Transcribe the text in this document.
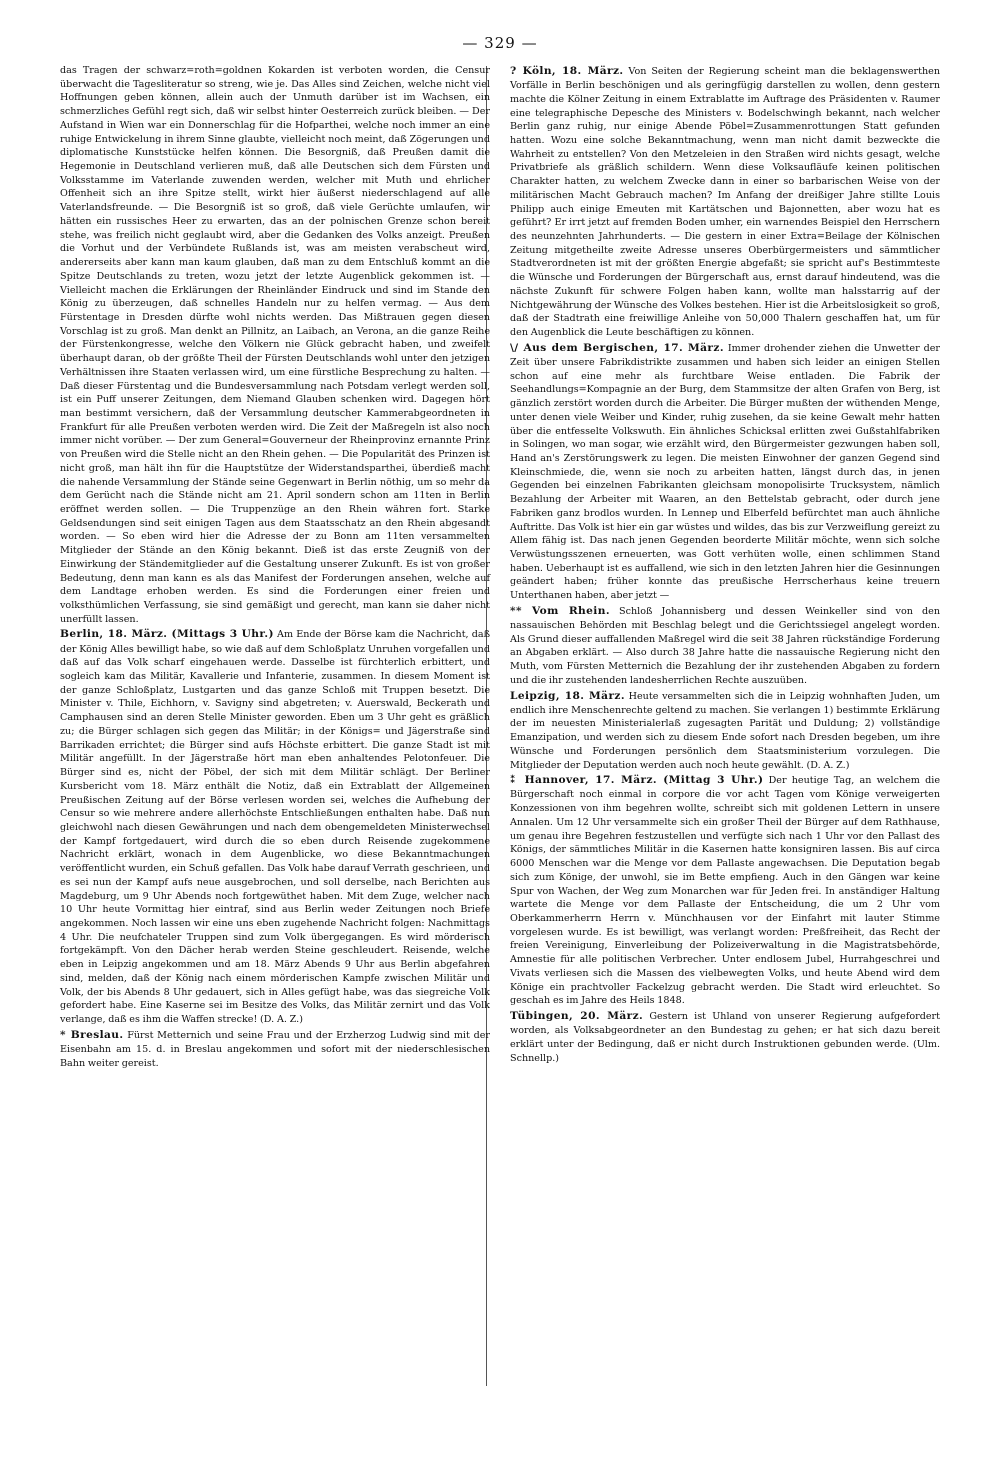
— 329 —

das Tragen der schwarz=roth=goldnen Kokarden ist verboten worden, die Censur überwacht die Tagesliteratur so streng, wie je. Das Alles sind Zeichen, welche nicht viel Hoffnungen geben können, allein auch der Unmuth darüber ist im Wachsen, ein schmerzliches Gefühl regt sich, daß wir selbst hinter Oesterreich zurück bleiben. — Der Aufstand in Wien war ein Donnerschlag für die Hofparthei, welche noch immer an eine ruhige Entwickelung in ihrem Sinne glaubte, vielleicht noch meint, daß Zögerungen und diplomatische Kunststücke helfen können. Die Besorgniß, daß Preußen damit die Hegemonie in Deutschland verlieren muß, daß alle Deutschen sich dem Fürsten und Volksstamme im Vaterlande zuwenden werden, welcher mit Muth und ehrlicher Offenheit sich an ihre Spitze stellt, wirkt hier äußerst niederschlagend auf alle Vaterlandsfreunde. — Die Besorgniß ist so groß, daß viele Gerüchte umlaufen, wir hätten ein russisches Heer zu erwarten, das an der polnischen Grenze schon bereit stehe, was freilich nicht geglaubt wird, aber die Gedanken des Volks anzeigt. Preußen die Vorhut und der Verbündete Rußlands ist, was am meisten verabscheut wird, andererseits aber kann man kaum glauben, daß man zu dem Entschluß kommt an die Spitze Deutschlands zu treten, wozu jetzt der letzte Augenblick gekommen ist. — Vielleicht machen die Erklärungen der Rheinländer Eindruck und sind im Stande den König zu überzeugen, daß schnelles Handeln nur zu helfen vermag. — Aus dem Fürstentage in Dresden dürfte wohl nichts werden. Das Mißtrauen gegen diesen Vorschlag ist zu groß. Man denkt an Pillnitz, an Laibach, an Verona, an die ganze Reihe der Fürstenkongresse, welche den Völkern nie Glück gebracht haben, und zweifelt überhaupt daran, ob der größte Theil der Fürsten Deutschlands wohl unter den jetzigen Verhältnissen ihre Staaten verlassen wird, um eine fürstliche Besprechung zu halten. — Daß dieser Fürstentag und die Bundesversammlung nach Potsdam verlegt werden soll, ist ein Puff unserer Zeitungen, dem Niemand Glauben schenken wird. Dagegen hört man bestimmt versichern, daß der Versammlung deutscher Kammerabgeordneten in Frankfurt für alle Preußen verboten werden wird. Die Zeit der Maßregeln ist also noch immer nicht vorüber. — Der zum General=Gouverneur der Rheinprovinz ernannte Prinz von Preußen wird die Stelle nicht an den Rhein gehen. — Die Popularität des Prinzen ist nicht groß, man hält ihn für die Hauptstütze der Widerstandsparthei, überdieß macht die nahende Versammlung der Stände seine Gegenwart in Berlin nöthig, um so mehr da dem Gerücht nach die Stände nicht am 21. April sondern schon am 11ten in Berlin eröffnet werden sollen. — Die Truppenzüge an den Rhein währen fort. Starke Geldsendungen sind seit einigen Tagen aus dem Staatsschatz an den Rhein abgesandt worden. — So eben wird hier die Adresse der zu Bonn am 11ten versammelten Mitglieder der Stände an den König bekannt. Dieß ist das erste Zeugniß von der Einwirkung der Ständemitglieder auf die Gestaltung unserer Zukunft. Es ist von großer Bedeutung, denn man kann es als das Manifest der Forderungen ansehen, welche auf dem Landtage erhoben werden. Es sind die Forderungen einer freien und volksthümlichen Verfassung, sie sind gemäßigt und gerecht, man kann sie daher nicht unerfüllt lassen.

Berlin, 18. März. (Mittags 3 Uhr.) Am Ende der Börse kam die Nachricht, daß der König Alles bewilligt habe, so wie daß auf dem Schloßplatz Unruhen vorgefallen und daß auf das Volk scharf eingehauen werde. Dasselbe ist fürchterlich erbittert, und sogleich kam das Militär, Kavallerie und Infanterie, zusammen. In diesem Moment ist der ganze Schloßplatz, Lustgarten und das ganze Schloß mit Truppen besetzt. Die Minister v. Thile, Eichhorn, v. Savigny sind abgetreten; v. Auerswald, Beckerath und Camphausen sind an deren Stelle Minister geworden. Eben um 3 Uhr geht es gräßlich zu; die Bürger schlagen sich gegen das Militär; in der Königs= und Jägerstraße sind Barrikaden errichtet; die Bürger sind aufs Höchste erbittert. Die ganze Stadt ist mit Militär angefüllt. In der Jägerstraße hört man eben anhaltendes Pelotonfeuer. Die Bürger sind es, nicht der Pöbel, der sich mit dem Militär schlägt. Der Berliner Kursbericht vom 18. März enthält die Notiz, daß ein Extrablatt der Allgemeinen Preußischen Zeitung auf der Börse verlesen worden sei, welches die Aufhebung der Censur so wie mehrere andere allerhöchste Entschließungen enthalten habe. Daß nun gleichwohl nach diesen Gewährungen und nach dem obengemeldeten Ministerwechsel der Kampf fortgedauert, wird durch die so eben durch Reisende zugekommene Nachricht erklärt, wonach in dem Augenblicke, wo diese Bekanntmachungen veröffentlicht wurden, ein Schuß gefallen. Das Volk habe darauf Verrath geschrieen, und es sei nun der Kampf aufs neue ausgebrochen, und soll derselbe, nach Berichten aus Magdeburg, um 9 Uhr Abends noch fortgewüthet haben. Mit dem Zuge, welcher nach 10 Uhr heute Vormittag hier eintraf, sind aus Berlin weder Zeitungen noch Briefe angekommen. Noch lassen wir eine uns eben zugehende Nachricht folgen: Nachmittags 4 Uhr. Die neufchateler Truppen sind zum Volk übergegangen. Es wird mörderisch fortgekämpft. Von den Dächer herab werden Steine geschleudert. Reisende, welche eben in Leipzig angekommen und am 18. März Abends 9 Uhr aus Berlin abgefahren sind, melden, daß der König nach einem mörderischen Kampfe zwischen Militär und Volk, der bis Abends 8 Uhr gedauert, sich in Alles gefügt habe, was das siegreiche Volk gefordert habe. Eine Kaserne sei im Besitze des Volks, das Militär zernirt und das Volk verlange, daß es ihm die Waffen strecke! (D. A. Z.)

* Breslau. Fürst Metternich und seine Frau und der Erzherzog Ludwig sind mit der Eisenbahn am 15. d. in Breslau angekommen und sofort mit der niederschlesischen Bahn weiter gereist.

? Köln, 18. März. Von Seiten der Regierung scheint man die beklagenswerthen Vorfälle in Berlin beschönigen und als geringfügig darstellen zu wollen, denn gestern machte die Kölner Zeitung in einem Extrablatte im Auftrage des Präsidenten v. Raumer eine telegraphische Depesche des Ministers v. Bodelschwingh bekannt, nach welcher Berlin ganz ruhig, nur einige Abende Pöbel=Zusammenrottungen Statt gefunden hatten. Wozu eine solche Bekanntmachung, wenn man nicht damit bezweckte die Wahrheit zu entstellen? Von den Metzeleien in den Straßen wird nichts gesagt, welche Privatbriefe als gräßlich schildern. Wenn diese Volksaufläufe keinen politischen Charakter hatten, zu welchem Zwecke dann in einer so barbarischen Weise von der militärischen Macht Gebrauch machen? Im Anfang der dreißiger Jahre stillte Louis Philipp auch einige Emeuten mit Kartätschen und Bajonnetten, aber wozu hat es geführt? Er irrt jetzt auf fremden Boden umher, ein warnendes Beispiel den Herrschern des neunzehnten Jahrhunderts. — Die gestern in einer Extra=Beilage der Kölnischen Zeitung mitgetheilte zweite Adresse unseres Oberbürgermeisters und sämmtlicher Stadtverordneten ist mit der größten Energie abgefaßt; sie spricht auf's Bestimmteste die Wünsche und Forderungen der Bürgerschaft aus, ernst darauf hindeutend, was die nächste Zukunft für schwere Folgen haben kann, wollte man halsstarrig auf der Nichtgewährung der Wünsche des Volkes bestehen. Hier ist die Arbeitslosigkeit so groß, daß der Stadtrath eine freiwillige Anleihe von 50,000 Thalern geschaffen hat, um für den Augenblick die Leute beschäftigen zu können.

\/ Aus dem Bergischen, 17. März. Immer drohender ziehen die Unwetter der Zeit über unsere Fabrikdistrikte zusammen und haben sich leider an einigen Stellen schon auf eine mehr als furchtbare Weise entladen. Die Fabrik der Seehandlungs=Kompagnie an der Burg, dem Stammsitze der alten Grafen von Berg, ist gänzlich zerstört worden durch die Arbeiter. Die Bürger mußten der wüthenden Menge, unter denen viele Weiber und Kinder, ruhig zusehen, da sie keine Gewalt mehr hatten über die entfesselte Volkswuth. Ein ähnliches Schicksal erlitten zwei Gußstahlfabriken in Solingen, wo man sogar, wie erzählt wird, den Bürgermeister gezwungen haben soll, Hand an's Zerstörungswerk zu legen. Die meisten Einwohner der ganzen Gegend sind Kleinschmiede, die, wenn sie noch zu arbeiten hatten, längst durch das, in jenen Gegenden bei einzelnen Fabrikanten gleichsam monopolisirte Trucksystem, nämlich Bezahlung der Arbeiter mit Waaren, an den Bettelstab gebracht, oder durch jene Fabriken ganz brodlos wurden. In Lennep und Elberfeld befürchtet man auch ähnliche Auftritte. Das Volk ist hier ein gar wüstes und wildes, das bis zur Verzweiflung gereizt zu Allem fähig ist. Das nach jenen Gegenden beorderte Militär möchte, wenn sich solche Verwüstungsszenen erneuerten, was Gott verhüten wolle, einen schlimmen Stand haben. Ueberhaupt ist es auffallend, wie sich in den letzten Jahren hier die Gesinnungen geändert haben; früher konnte das preußische Herrscherhaus keine treuern Unterthanen haben, aber jetzt —

** Vom Rhein. Schloß Johannisberg und dessen Weinkeller sind von den nassauischen Behörden mit Beschlag belegt und die Gerichtssiegel angelegt worden. Als Grund dieser auffallenden Maßregel wird die seit 38 Jahren rückständige Forderung an Abgaben erklärt. — Also durch 38 Jahre hatte die nassauische Regierung nicht den Muth, vom Fürsten Metternich die Bezahlung der ihr zustehenden Abgaben zu fordern und die ihr zustehenden landesherrlichen Rechte auszuüben.

Leipzig, 18. März. Heute versammelten sich die in Leipzig wohnhaften Juden, um endlich ihre Menschenrechte geltend zu machen. Sie verlangen 1) bestimmte Erklärung der im neuesten Ministerialerlaß zugesagten Parität und Duldung; 2) vollständige Emanzipation, und werden sich zu diesem Ende sofort nach Dresden begeben, um ihre Wünsche und Forderungen persönlich dem Staatsministerium vorzulegen. Die Mitglieder der Deputation werden auch noch heute gewählt. (D. A. Z.)

⁑ Hannover, 17. März. (Mittag 3 Uhr.) Der heutige Tag, an welchem die Bürgerschaft noch einmal in corpore die vor acht Tagen vom Könige verweigerten Konzessionen von ihm begehren wollte, schreibt sich mit goldenen Lettern in unsere Annalen. Um 12 Uhr versammelte sich ein großer Theil der Bürger auf dem Rathhause, um genau ihre Begehren festzustellen und verfügte sich nach 1 Uhr vor den Pallast des Königs, der sämmtliches Militär in die Kasernen hatte konsigniren lassen. Bis auf circa 6000 Menschen war die Menge vor dem Pallaste angewachsen. Die Deputation begab sich zum Könige, der unwohl, sie im Bette empfieng. Auch in den Gängen war keine Spur von Wachen, der Weg zum Monarchen war für Jeden frei. In anständiger Haltung wartete die Menge vor dem Pallaste der Entscheidung, die um 2 Uhr vom Oberkammerherrn Herrn v. Münchhausen vor der Einfahrt mit lauter Stimme vorgelesen wurde. Es ist bewilligt, was verlangt worden: Preßfreiheit, das Recht der freien Vereinigung, Einverleibung der Polizeiverwaltung in die Magistratsbehörde, Amnestie für alle politischen Verbrecher. Unter endlosem Jubel, Hurrahgeschrei und Vivats verliesen sich die Massen des vielbewegten Volks, und heute Abend wird dem Könige ein prachtvoller Fackelzug gebracht werden. Die Stadt wird erleuchtet. So geschah es im Jahre des Heils 1848.

Tübingen, 20. März. Gestern ist Uhland von unserer Regierung aufgefordert worden, als Volksabgeordneter an den Bundestag zu gehen; er hat sich dazu bereit erklärt unter der Bedingung, daß er nicht durch Instruktionen gebunden werde. (Ulm. Schnellp.)
